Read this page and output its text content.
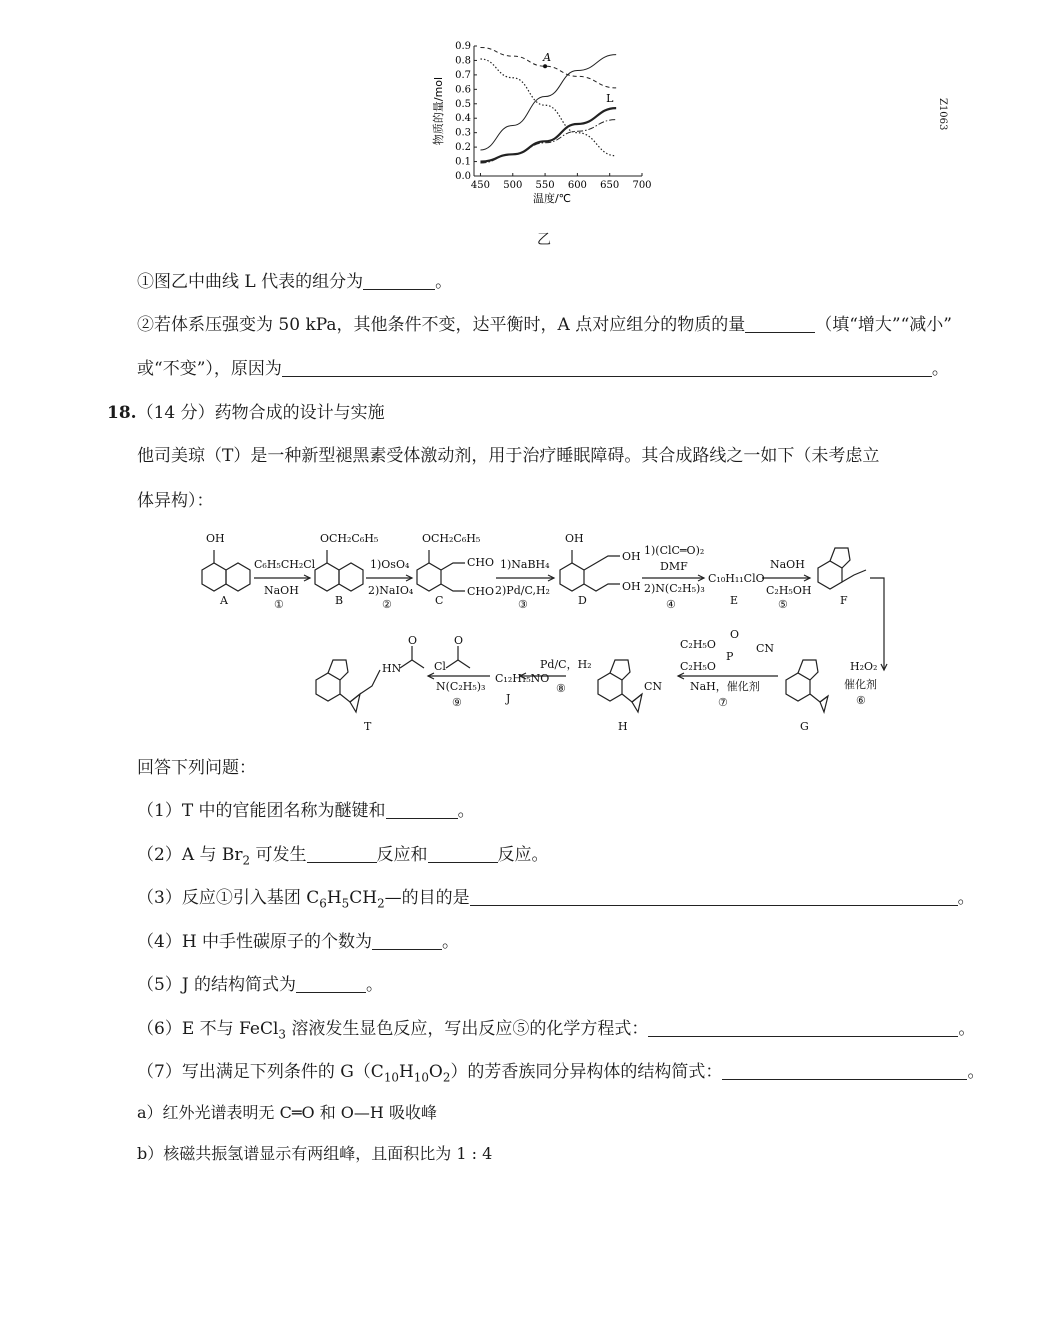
450 500 550 600 650 700
0.0
0.1
0.2
0.3
0.4
0.5
0.6
0.7
0.8
0.9
温度/℃
物质的量/mol	L
A
乙
Z1063
①图乙中曲线 L 代表的组分为	。
②若体系压强变为 50 kPa，其他条件不变，达平衡时，A 点对应组分的物质的量	（填“增大”“减小”
或“不变”），原因为	。
18.（14 分）药物合成的设计与实施
他司美琼（T）是一种新型褪黑素受体激动剂，用于治疗睡眠障碍。其合成路线之一如下（未考虑立
体异构）：
OH
A
C₆H₅CH₂Cl
NaOH
①
OCH₂C₆H₅
B
1)OsO₄
2)NaIO₄
②
OCH₂C₆H₅
CHO
CHO
C
1)NaBH₄
2)Pd/C,H₂
③
OH
OH
OH
D
1)(ClC═O)₂
DMF
2)N(C₂H₅)₃
④
C₁₀H₁₁ClO
E
NaOH
C₂H₅OH
⑤	F
H₂O₂
催化剂
⑥
G
C₂H₅O
C₂H₅O
P
O
CN
NaH，催化剂
⑦
CN
H
Pd/C，H₂
⑧
C₁₂H₁₅NO
J
Cl
O
N(C₂H₅)₃
⑨
HN
O
T
回答下列问题：
（1）T 中的官能团名称为醚键和	。
（2）A 与 $Br_2$ 可发生	反应和	反应。
（3）反应①引入基团 $C_6H_5CH_2—$的目的是	。
（4）H 中手性碳原子的个数为	。
（5）J 的结构简式为	。
（6）E 不与 FeCl$_3$ 溶液发生显色反应，写出反应⑤的化学方程式：	。
（7）写出满足下列条件的 $G(C_{10}H_{10}O_2)$的芳香族同分异构体的结构简式：	。
a）红外光谱表明无 C═O 和 O—H 吸收峰
b）核磁共振氢谱显示有两组峰，且面积比为 1 : 4
